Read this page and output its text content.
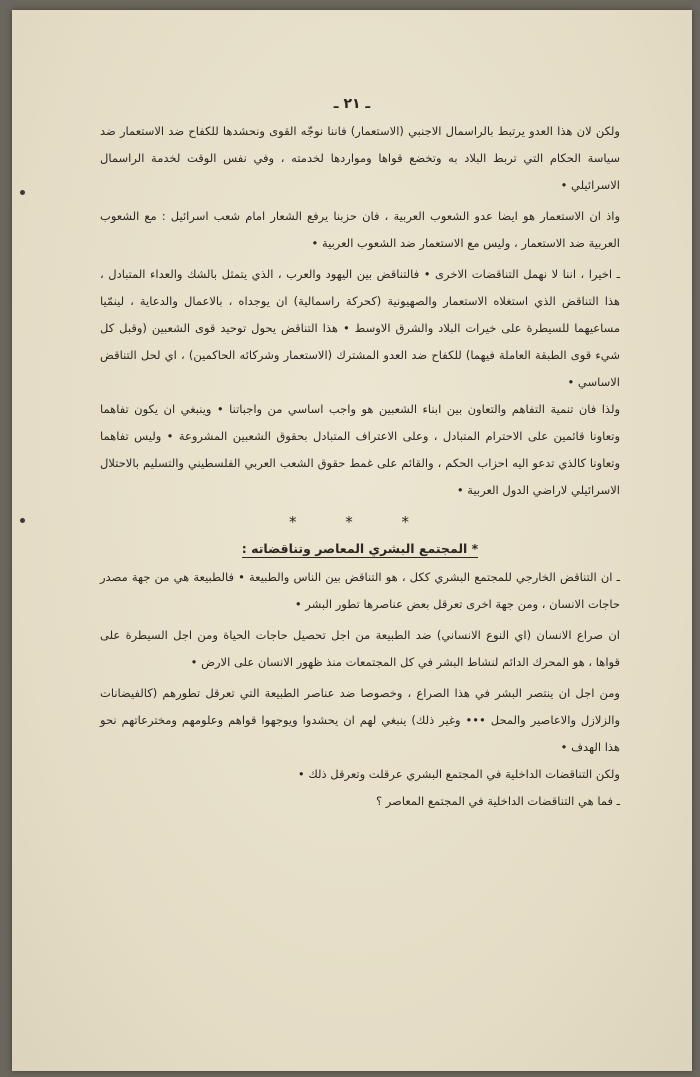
ـ ٢١ ـ

ولكن لان هذا العدو يرتبط بالراسمال الاجنبي (الاستعمار) فاننا نوجّه القوى ونحشدها للكفاح ضد الاستعمار ضد سياسة الحكام التي تربط البلاد به وتخضع قواها ومواردها لخدمته ، وفي نفس الوقت لخدمة الراسمال الاسرائيلي •

واذ ان الاستعمار هو ايضا عدو الشعوب العربية ، فان حزبنا يرفع الشعار امام شعب اسرائيل : مع الشعوب العربية ضد الاستعمار ، وليس مع الاستعمار ضد الشعوب العربية •

ـ اخيرا ، اننا لا نهمل التناقضات الاخرى • فالتناقض بين اليهود والعرب ، الذي يتمثل بالشك والعداء المتبادل ، هذا التناقض الذي استغلاه الاستعمار والصهيونية (كحركة راسمالية) ان يوجداه ، بالاعمال والدعاية ، لينمّيا مساعيهما للسيطرة على خيرات البلاد والشرق الاوسط • هذا التناقض يحول توحيد قوى الشعبين (وقبل كل شيء قوى الطبقة العاملة فيهما) للكفاح ضد العدو المشترك (الاستعمار وشركائه الحاكمين) ، اي لحل التناقض الاساسي •

ولذا فان تنمية التفاهم والتعاون بين ابناء الشعبين هو واجب اساسي من واجباتنا • وينبغي ان يكون تفاهما وتعاونا قائمين على الاحترام المتبادل ، وعلى الاعتراف المتبادل بحقوق الشعبين المشروعة • وليس تفاهما وتعاونا كالذي تدعو اليه احزاب الحكم ، والقائم على غمط حقوق الشعب العربي الفلسطيني والتسليم بالاحتلال الاسرائيلي لاراضي الدول العربية •

* * *

* المجتمع البشري المعاصر وتناقضاته :

ـ ان التناقض الخارجي للمجتمع البشري ككل ، هو التناقض بين الناس والطبيعة • فالطبيعة هي من جهة مصدر حاجات الانسان ، ومن جهة اخرى تعرقل بعض عناصرها تطور البشر •

ان صراع الانسان (اي النوع الانساني) ضد الطبيعة من اجل تحصيل حاجات الحياة ومن اجل السيطرة على قواها ، هو المحرك الدائم لنشاط البشر في كل المجتمعات منذ ظهور الانسان على الارض •

ومن اجل ان ينتصر البشر في هذا الصراع ، وخصوصا ضد عناصر الطبيعة التي تعرقل تطورهم (كالفيضانات والزلازل والاعاصير والمحل ••• وغير ذلك) ينبغي لهم ان يحشدوا ويوجهوا قواهم وعلومهم ومخترعاتهم نحو هذا الهدف •

ولكن التناقضات الداخلية في المجتمع البشري عرقلت وتعرقل ذلك •

ـ فما هي التناقضات الداخلية في المجتمع المعاصر ؟
